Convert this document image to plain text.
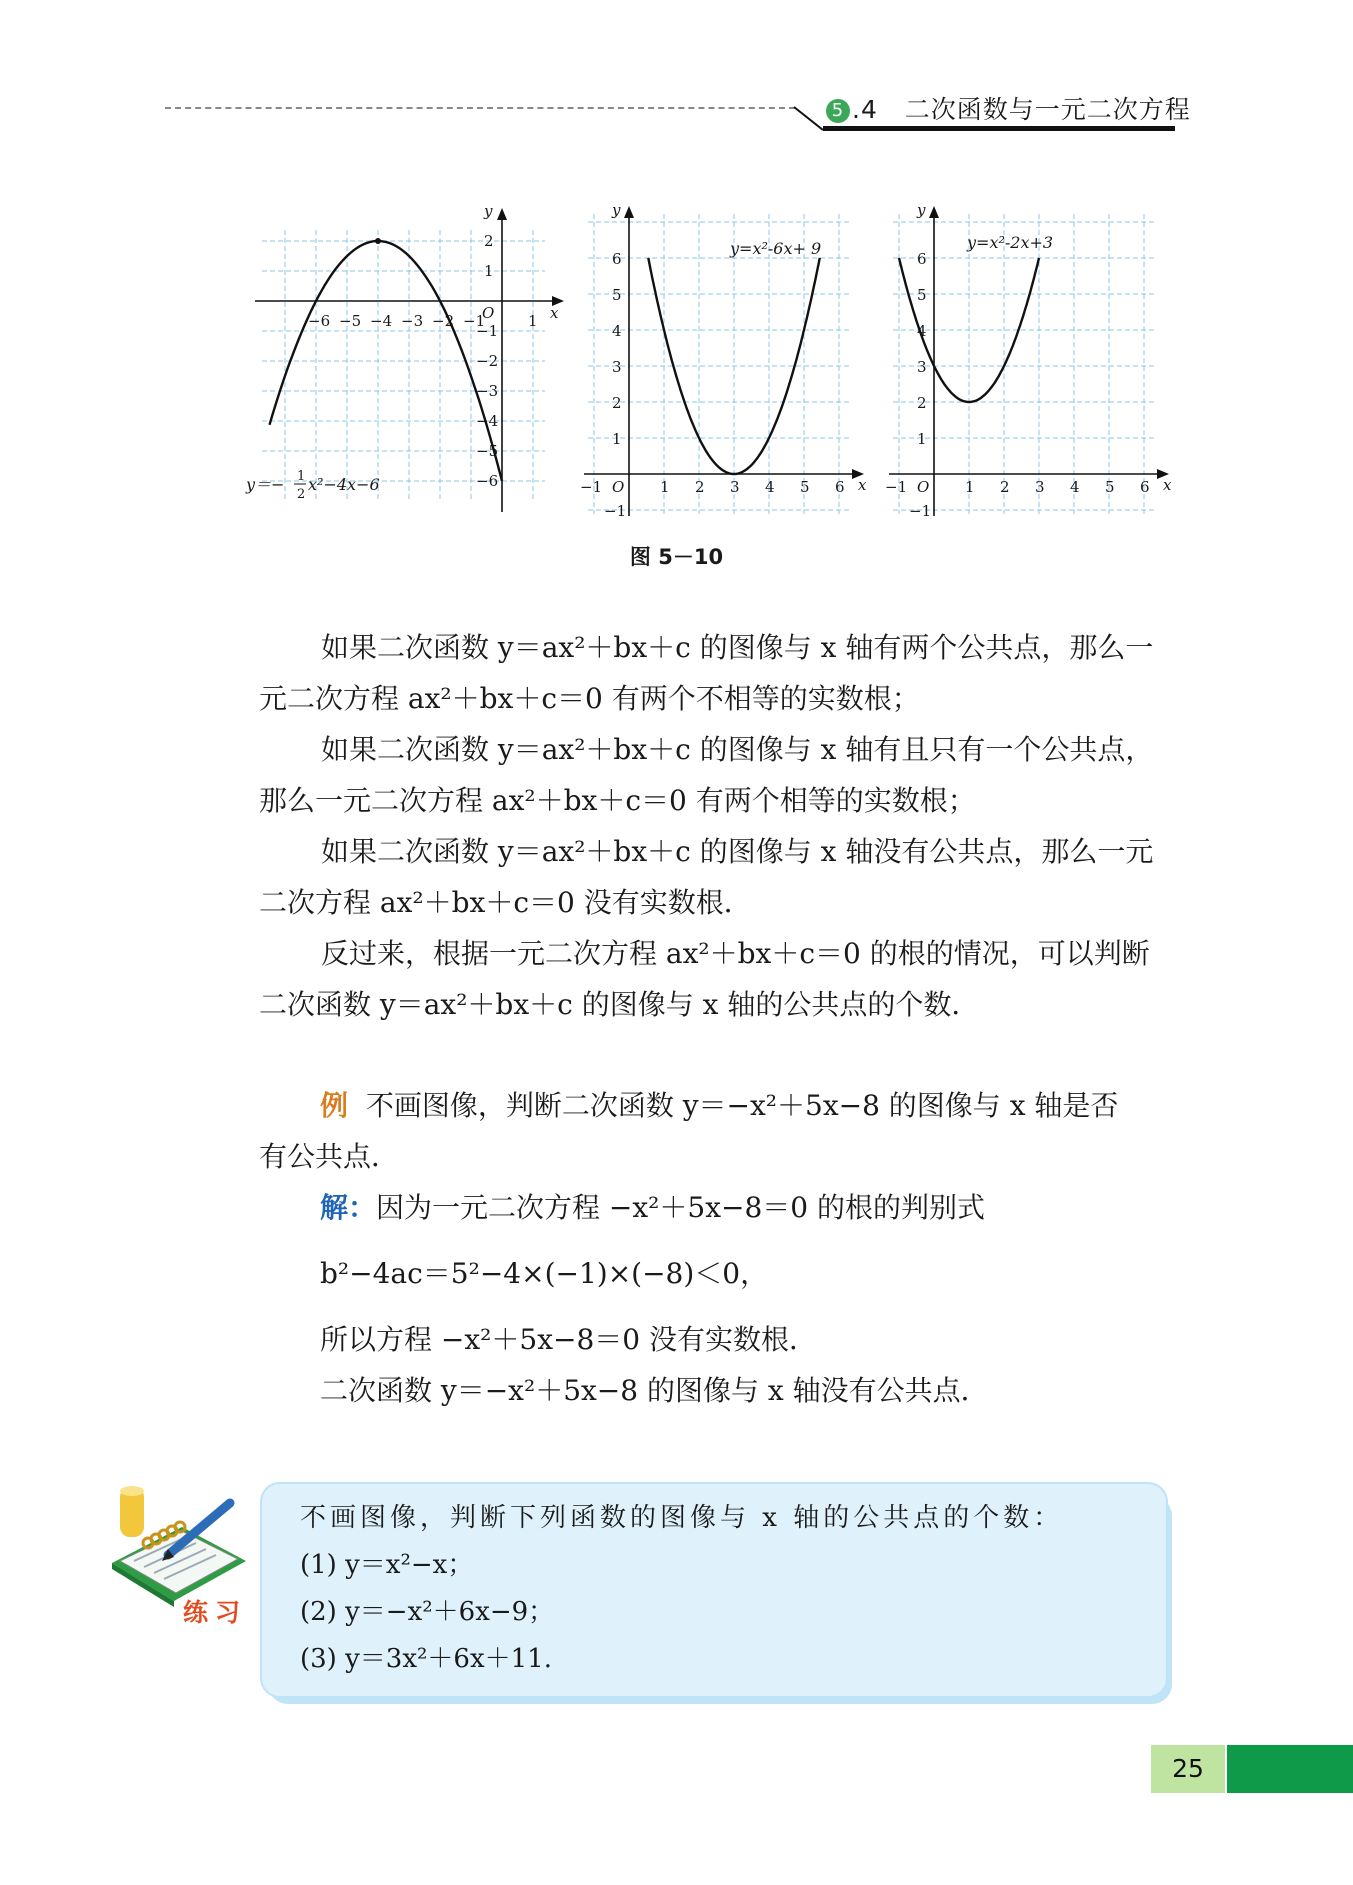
5 .4 二次函数与一元二次方程
x
y
O
−6 −5 −4 −3 −2 −1	1
2
1
−1
−2
−3
−4
−5
−6
y＝− 1
2
x²−4x−6	x
y
O
−1	1 2 3 4 5 6
6
5
4
3
2
1
−1
y=x²-6x+ 9
x
y
O
−1	1 2 3 4 5 6
6
5
4
3
2
1
−1
y=x²-2x+3
图 5－10

如果二次函数 y＝ax²＋bx＋c 的图像与 x 轴有两个公共点，那么一元二次方程 ax²＋bx＋c＝0 有两个不相等的实数根；

如果二次函数 y＝ax²＋bx＋c 的图像与 x 轴有且只有一个公共点，那么一元二次方程 ax²＋bx＋c＝0 有两个相等的实数根；

如果二次函数 y＝ax²＋bx＋c 的图像与 x 轴没有公共点，那么一元二次方程 ax²＋bx＋c＝0 没有实数根．

反过来，根据一元二次方程 ax²＋bx＋c＝0 的根的情况，可以判断二次函数 y＝ax²＋bx＋c 的图像与 x 轴的公共点的个数．

例 不画图像，判断二次函数 y＝−x²＋5x−8 的图像与 x 轴是否
有公共点．
解：因为一元二次方程 −x²＋5x−8＝0 的根的判别式
b²−4ac＝5²−4×(−1)×(−8)＜0，
所以方程 −x²＋5x−8＝0 没有实数根．
二次函数 y＝−x²＋5x−8 的图像与 x 轴没有公共点．
练习
不画图像，判断下列函数的图像与 x 轴的公共点的个数：
(1) y＝x²−x；
(2) y＝−x²＋6x−9；
(3) y＝3x²＋6x＋11.
25
